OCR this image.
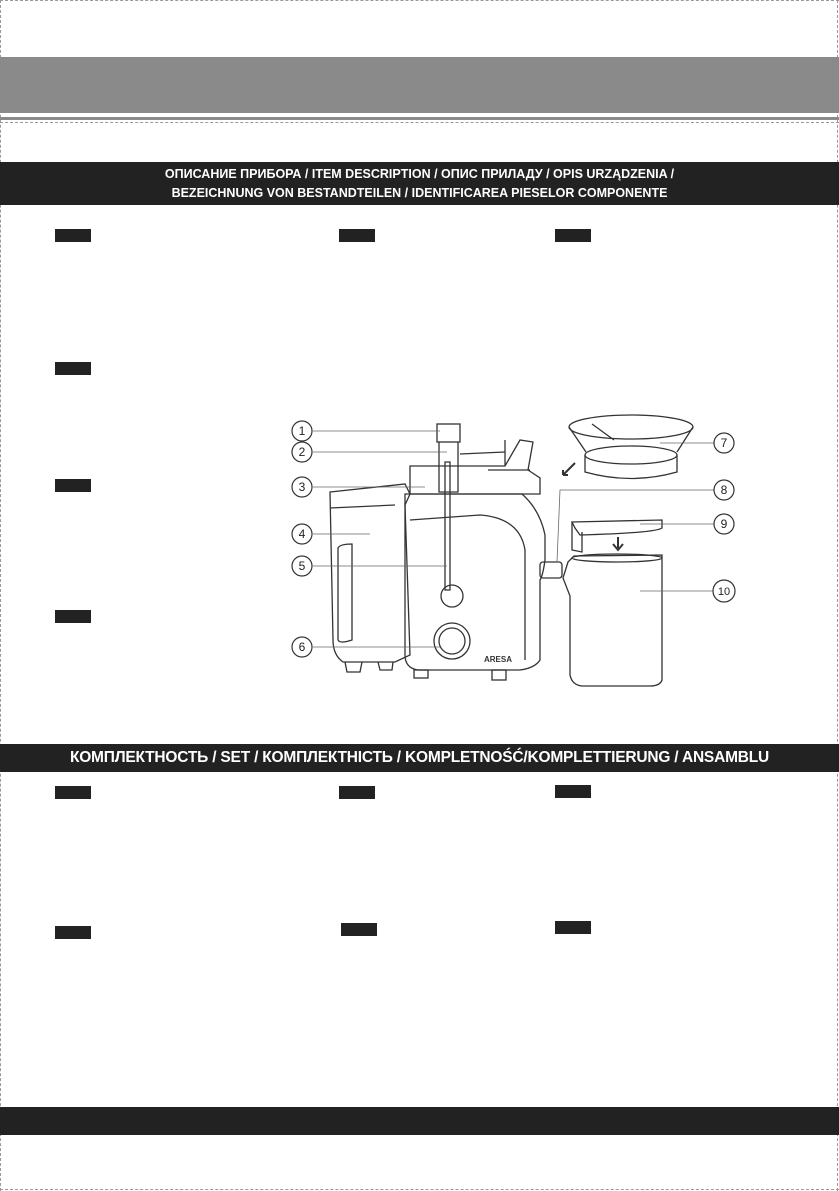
ОПИСАНИЕ ПРИБОРА / ITEM DESCRIPTION / ОПИС ПРИЛАДУ / OPIS URZĄDZENIA /
BEZEICHNUNG VON BESTANDTEILEN / IDENTIFICAREA PIESELOR COMPONENTE
ARESA
1
2
3
4
5
6
7
8
9
10
КОМПЛЕКТНОСТЬ / SET / КОМПЛЕКТНIСТЬ / KOMPLETNOŚĆ/KOMPLETTIERUNG / ANSAMBLU
